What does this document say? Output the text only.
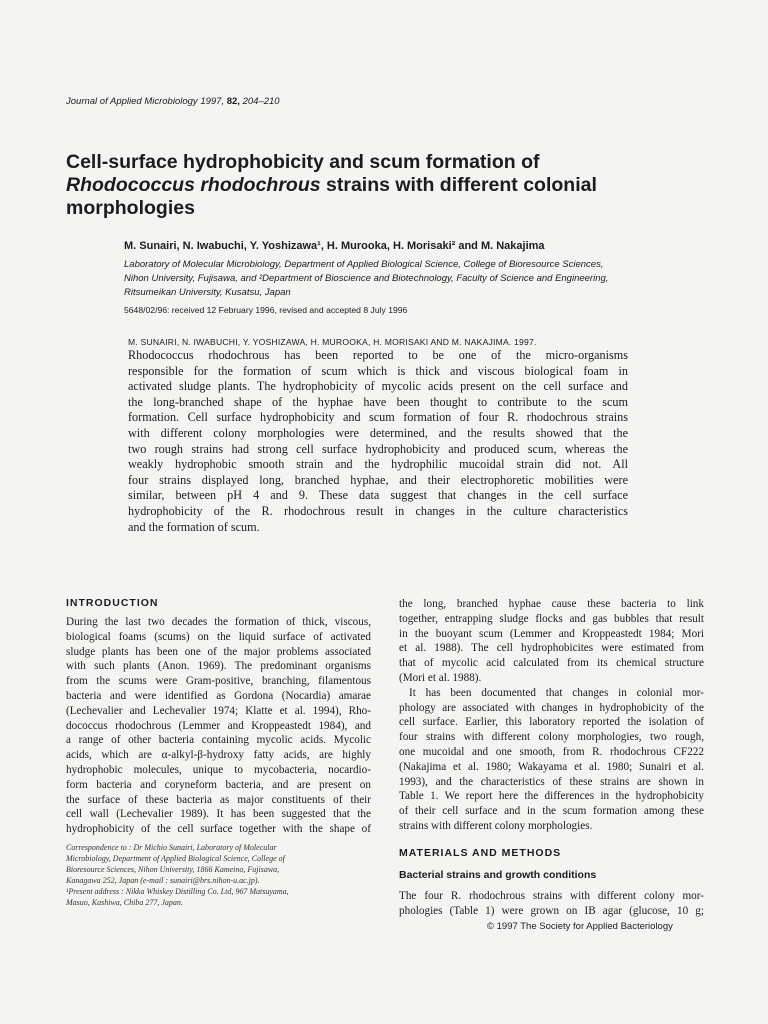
Journal of Applied Microbiology 1997, 82, 204–210
Cell-surface hydrophobicity and scum formation of
Rhodococcus rhodochrous strains with different colonial
morphologies
M. Sunairi, N. Iwabuchi, Y. Yoshizawa¹, H. Murooka, H. Morisaki² and M. Nakajima
Laboratory of Molecular Microbiology, Department of Applied Biological Science, College of Bioresource Sciences,
Nihon University, Fujisawa, and ²Department of Bioscience and Biotechnology, Faculty of Science and Engineering,
Ritsumeikan University, Kusatsu, Japan
5648/02/96: received 12 February 1996, revised and accepted 8 July 1996
M. SUNAIRI, N. IWABUCHI, Y. YOSHIZAWA, H. MUROOKA, H. MORISAKI AND M. NAKAJIMA. 1997.
Rhodococcus rhodochrous has been reported to be one of the micro-organisms
responsible for the formation of scum which is thick and viscous biological foam in
activated sludge plants. The hydrophobicity of mycolic acids present on the cell surface and
the long-branched shape of the hyphae have been thought to contribute to the scum
formation. Cell surface hydrophobicity and scum formation of four R. rhodochrous strains
with different colony morphologies were determined, and the results showed that the
two rough strains had strong cell surface hydrophobicity and produced scum, whereas the
weakly hydrophobic smooth strain and the hydrophilic mucoidal strain did not. All
four strains displayed long, branched hyphae, and their electrophoretic mobilities were
similar, between pH 4 and 9. These data suggest that changes in the cell surface
hydrophobicity of the R. rhodochrous result in changes in the culture characteristics
and the formation of scum.
INTRODUCTION
During the last two decades the formation of thick, viscous,
biological foams (scums) on the liquid surface of activated
sludge plants has been one of the major problems associated
with such plants (Anon. 1969). The predominant organisms
from the scums were Gram-positive, branching, filamentous
bacteria and were identified as Gordona (Nocardia) amarae
(Lechevalier and Lechevalier 1974; Klatte et al. 1994), Rho-
dococcus rhodochrous (Lemmer and Kroppeastedt 1984), and
a range of other bacteria containing mycolic acids. Mycolic
acids, which are α-alkyl-β-hydroxy fatty acids, are highly
hydrophobic molecules, unique to mycobacteria, nocardio-
form bacteria and coryneform bacteria, and are present on
the surface of these bacteria as major constituents of their
cell wall (Lechevalier 1989). It has been suggested that the
hydrophobicity of the cell surface together with the shape of
Correspondence to : Dr Michio Sunairi, Laboratory of Molecular
Microbiology, Department of Applied Biological Science, College of
Bioresource Sciences, Nihon University, 1866 Kameino, Fujisawa,
Kanagawa 252, Japan (e-mail : sunairi@brs.nihon-u.ac.jp).
¹Present address : Nikka Whiskey Distilling Co. Ltd, 967 Matsuyama,
Masuo, Kashiwa, Chiba 277, Japan.
the long, branched hyphae cause these bacteria to link
together, entrapping sludge flocks and gas bubbles that result
in the buoyant scum (Lemmer and Kroppeastedt 1984; Mori
et al. 1988). The cell hydrophobicites were estimated from
that of mycolic acid calculated from its chemical structure
(Mori et al. 1988).
It has been documented that changes in colonial mor-
phology are associated with changes in hydrophobicity of the
cell surface. Earlier, this laboratory reported the isolation of
four strains with different colony morphologies, two rough,
one mucoidal and one smooth, from R. rhodochrous CF222
(Nakajima et al. 1980; Wakayama et al. 1980; Sunairi et al.
1993), and the characteristics of these strains are shown in
Table 1. We report here the differences in the hydrophobicity
of their cell surface and in the scum formation among these
strains with different colony morphologies.
MATERIALS AND METHODS
Bacterial strains and growth conditions
The four R. rhodochrous strains with different colony mor-
phologies (Table 1) were grown on IB agar (glucose, 10 g;
© 1997 The Society for Applied Bacteriology
